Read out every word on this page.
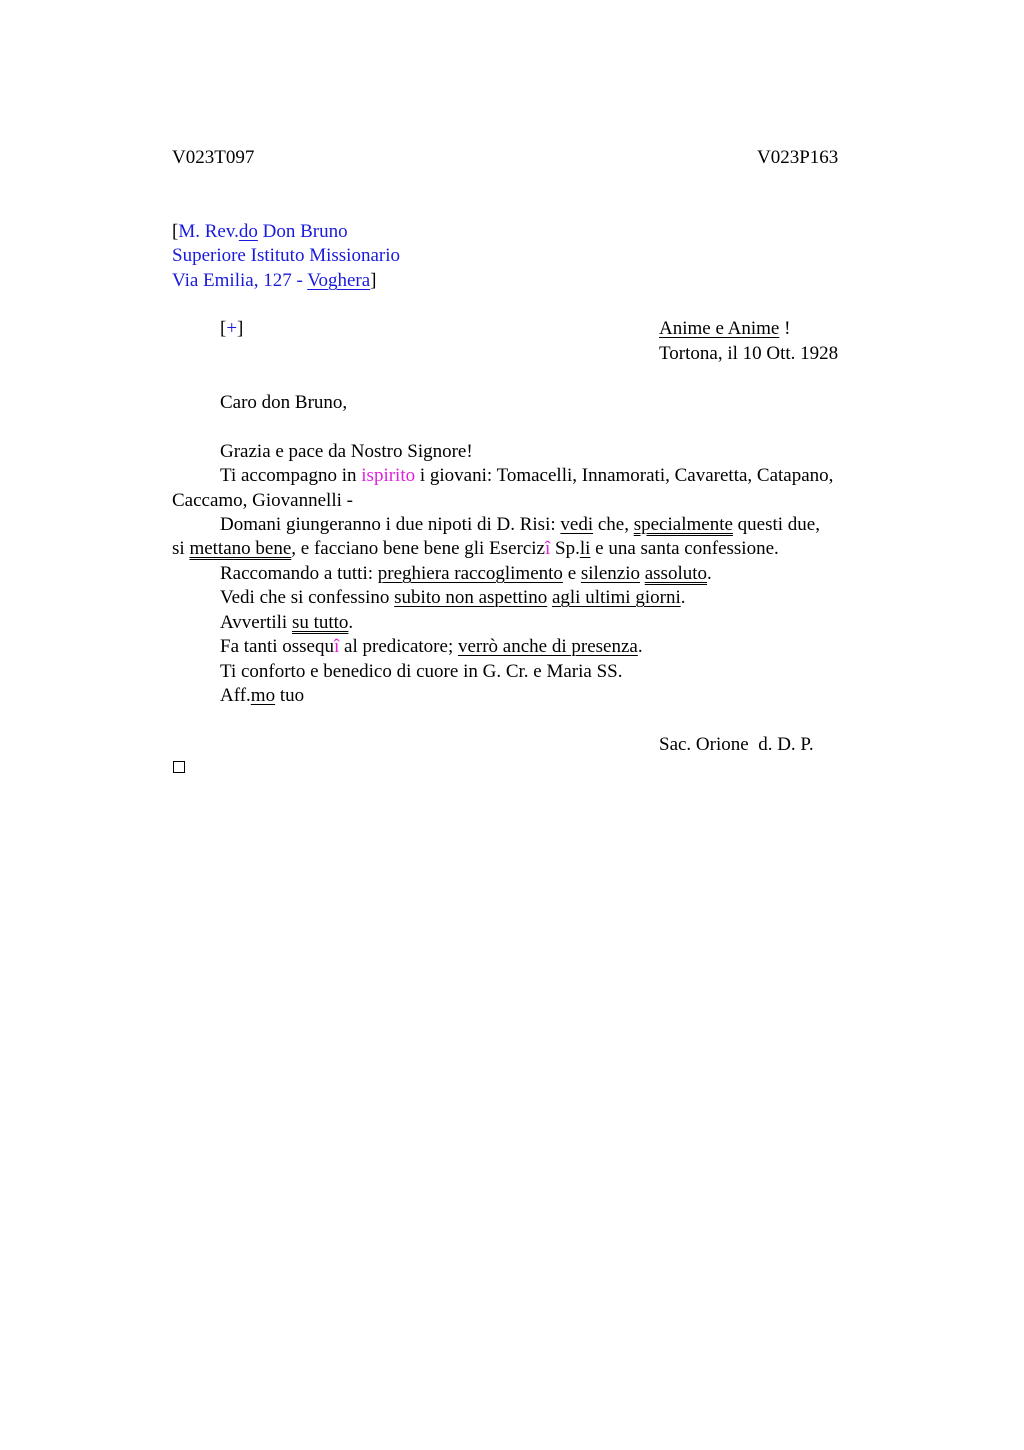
V023T097	V023P163
[M. Rev.do Don Bruno
Superiore Istituto Missionario
Via Emilia, 127 - Voghera]
[+]	Anime e Anime !
Tortona, il 10 Ott. 1928
Caro don Bruno,
Grazia e pace da Nostro Signore!
Ti accompagno in ispirito i giovani: Tomacelli, Innamorati, Cavaretta, Catapano,
Caccamo, Giovannelli -
Domani giungeranno i due nipoti di D. Risi: vedi che, specialmente questi due,
si mettano bene, e facciano bene bene gli Esercizî Sp.li e una santa confessione.
Raccomando a tutti: preghiera raccoglimento e silenzio assoluto.
Vedi che si confessino subito non aspettino agli ultimi giorni.
Avvertili su tutto.
Fa tanti ossequî al predicatore; verrò anche di presenza.
Ti conforto e benedico di cuore in G. Cr. e Maria SS.
Aff.mo tuo
Sac. Orione  d. D. P.
